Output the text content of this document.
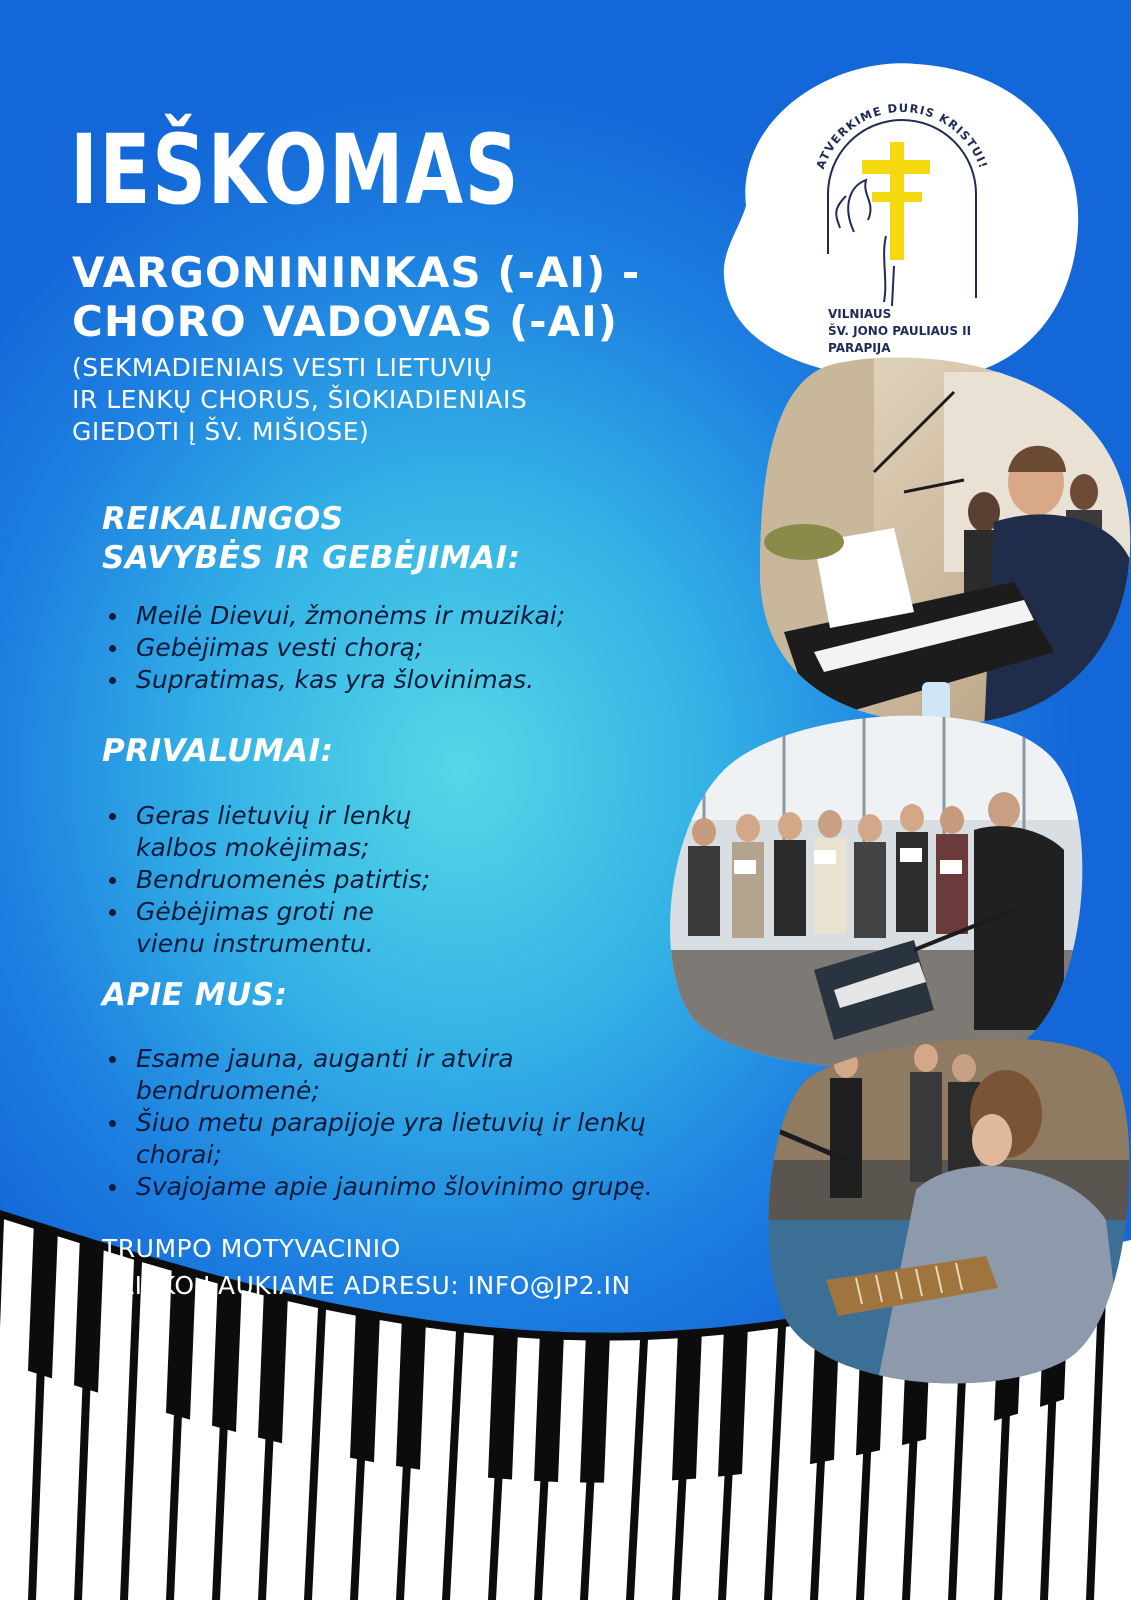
IEŠKOMAS
VARGONININKAS (-AI) -
CHORO VADOVAS (-AI)

(SEKMADIENIAIS VESTI LIETUVIŲ
IR LENKŲ CHORUS, ŠIOKIADIENIAIS
GIEDOTI Į ŠV. MIŠIOSE)

REIKALINGOS
SAVYBĖS IR GEBĖJIMAI:
Meilė Dievui, žmonėms ir muzikai;
Gebėjimas vesti chorą;
Supratimas, kas yra šlovinimas.
PRIVALUMAI:
Geras lietuvių ir lenkų
kalbos mokėjimas;
Bendruomenės patirtis;
Gėbėjimas groti ne
vienu instrumentu.
APIE MUS:
Esame jauna, auganti ir atvira
bendruomenė;
Šiuo metu parapijoje yra lietuvių ir lenkų
chorai;
Svajojame apie jaunimo šlovinimo grupę.

TRUMPO MOTYVACINIO
LAIŠKO LAUKIAME ADRESU: INFO@JP2.IN

ATVERKIME DURIS KRISTUI!
VILNIAUS ŠV. JONO PAULIAUS II PARAPIJA
